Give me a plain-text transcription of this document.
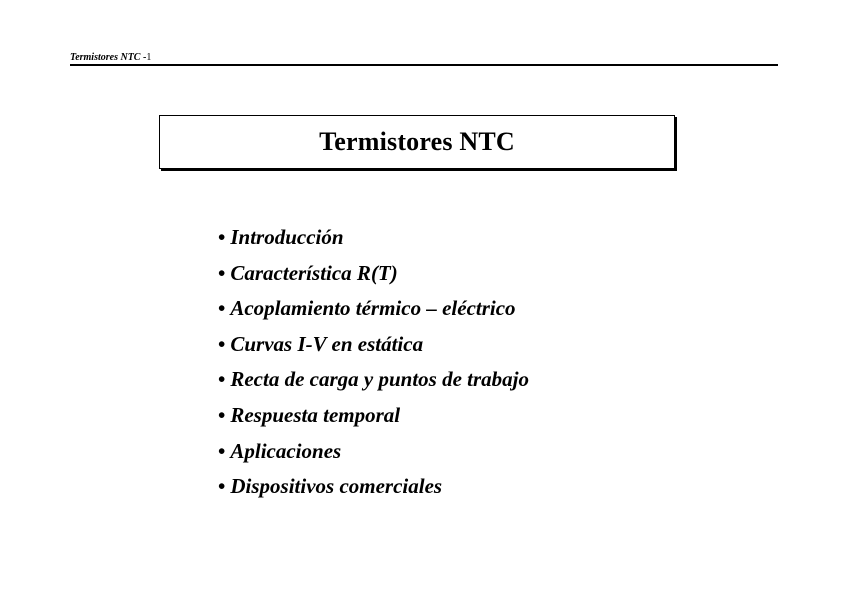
Termistores NTC -1
Termistores NTC
• Introducción
• Característica R(T)
• Acoplamiento térmico – eléctrico
• Curvas I-V en estática
• Recta de carga y puntos de trabajo
• Respuesta temporal
• Aplicaciones
• Dispositivos comerciales
